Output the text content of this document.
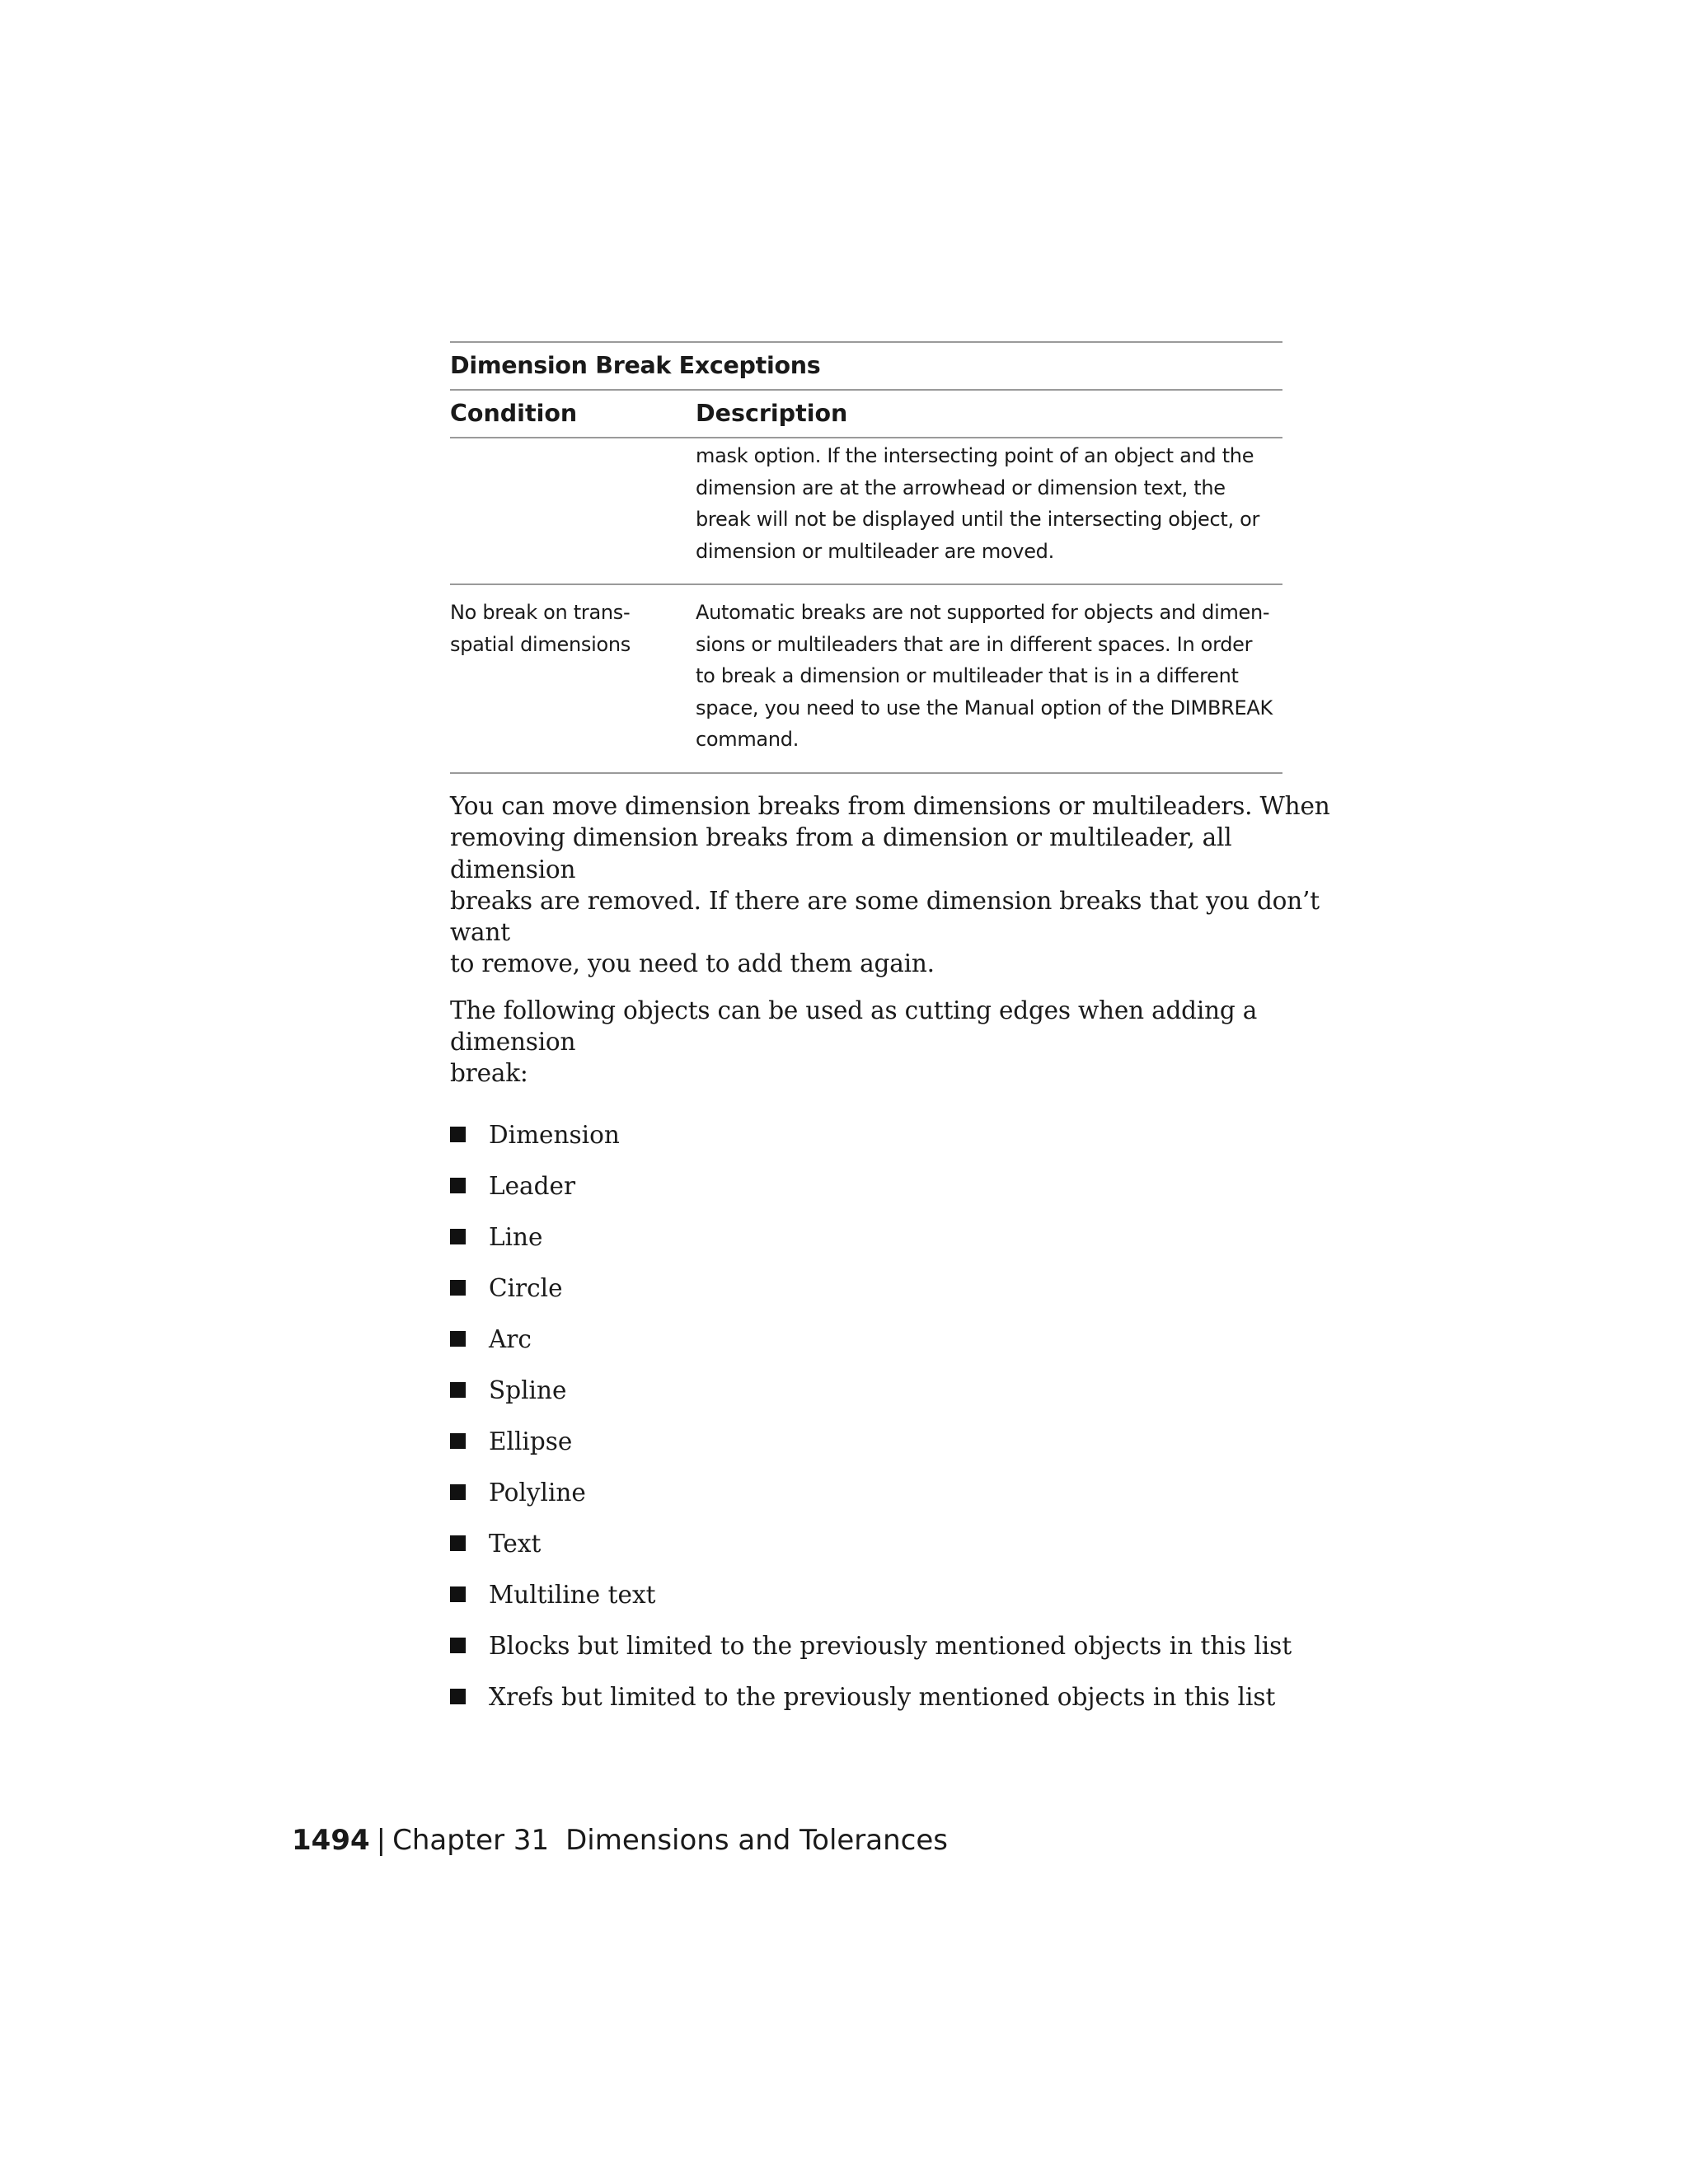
Dimension Break Exceptions
Condition	Description
mask option. If the intersecting point of an object and the
dimension are at the arrowhead or dimension text, the
break will not be displayed until the intersecting object, or
dimension or multileader are moved.
No break on trans-
spatial dimensions
Automatic breaks are not supported for objects and dimen-
sions or multileaders that are in different spaces. In order
to break a dimension or multileader that is in a different
space, you need to use the Manual option of the DIMBREAK
command.

You can move dimension breaks from dimensions or multileaders. When
removing dimension breaks from a dimension or multileader, all dimension
breaks are removed. If there are some dimension breaks that you don’t want
to remove, you need to add them again.

The following objects can be used as cutting edges when adding a dimension
break:

Dimension
Leader
Line
Circle
Arc
Spline
Ellipse
Polyline
Text
Multiline text
Blocks but limited to the previously mentioned objects in this list
Xrefs but limited to the previously mentioned objects in this list
1494 | Chapter 31 Dimensions and Tolerances
